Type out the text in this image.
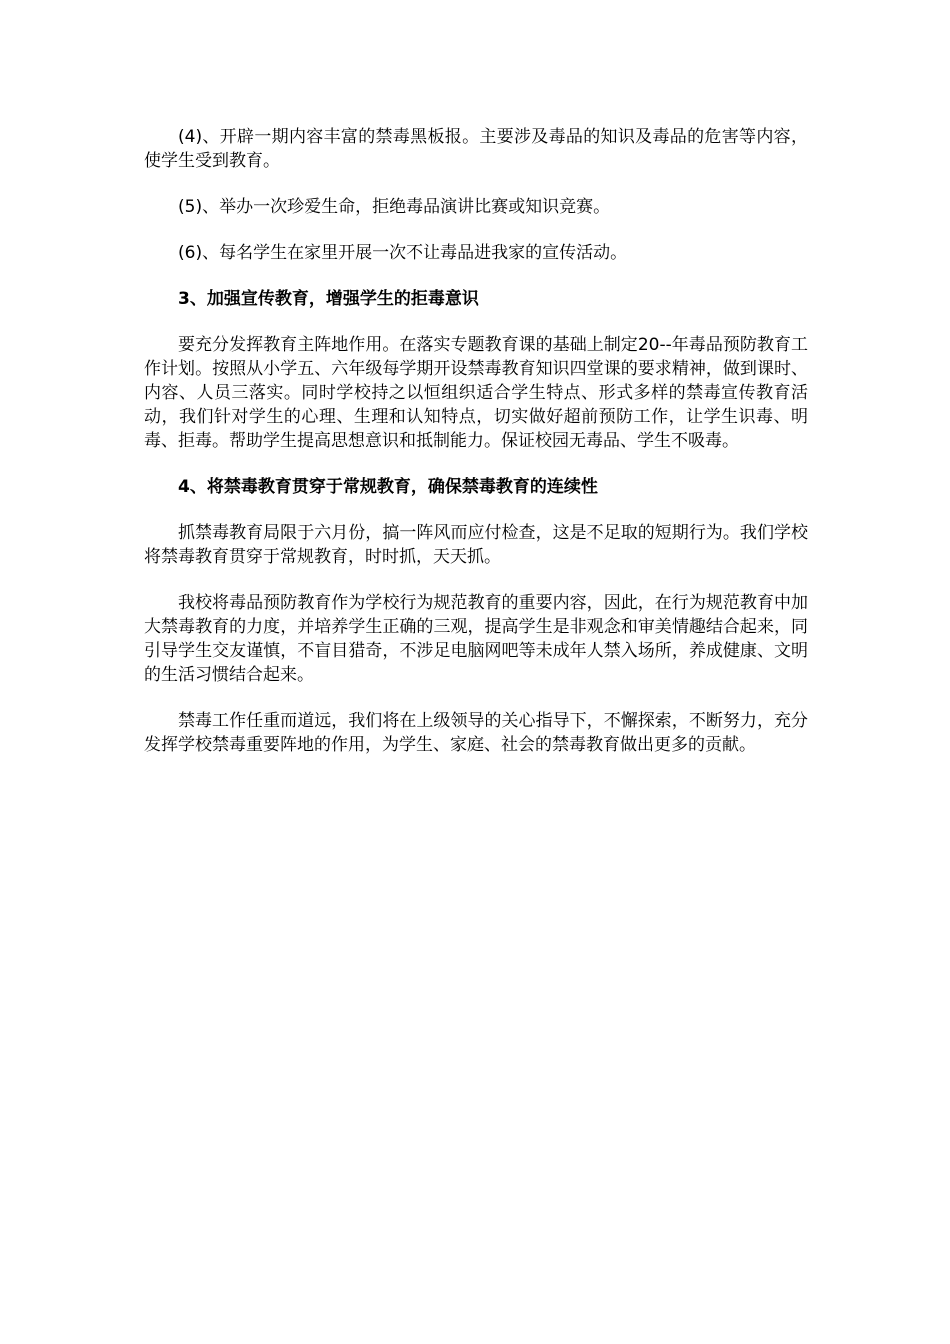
(4)、开辟一期内容丰富的禁毒黑板报。主要涉及毒品的知识及毒品的危害等内容，使学生受到教育。

(5)、举办一次珍爱生命，拒绝毒品演讲比赛或知识竞赛。

(6)、每名学生在家里开展一次不让毒品进我家的宣传活动。

3、加强宣传教育，增强学生的拒毒意识

要充分发挥教育主阵地作用。在落实专题教育课的基础上制定20--年毒品预防教育工作计划。按照从小学五、六年级每学期开设禁毒教育知识四堂课的要求精神，做到课时、内容、人员三落实。同时学校持之以恒组织适合学生特点、形式多样的禁毒宣传教育活动，我们针对学生的心理、生理和认知特点，切实做好超前预防工作，让学生识毒、明毒、拒毒。帮助学生提高思想意识和抵制能力。保证校园无毒品、学生不吸毒。

4、将禁毒教育贯穿于常规教育，确保禁毒教育的连续性

抓禁毒教育局限于六月份，搞一阵风而应付检查，这是不足取的短期行为。我们学校将禁毒教育贯穿于常规教育，时时抓，天天抓。

我校将毒品预防教育作为学校行为规范教育的重要内容，因此，在行为规范教育中加大禁毒教育的力度，并培养学生正确的三观，提高学生是非观念和审美情趣结合起来，同引导学生交友谨慎，不盲目猎奇，不涉足电脑网吧等未成年人禁入场所，养成健康、文明的生活习惯结合起来。

禁毒工作任重而道远，我们将在上级领导的关心指导下，不懈探索，不断努力，充分发挥学校禁毒重要阵地的作用，为学生、家庭、社会的禁毒教育做出更多的贡献。
